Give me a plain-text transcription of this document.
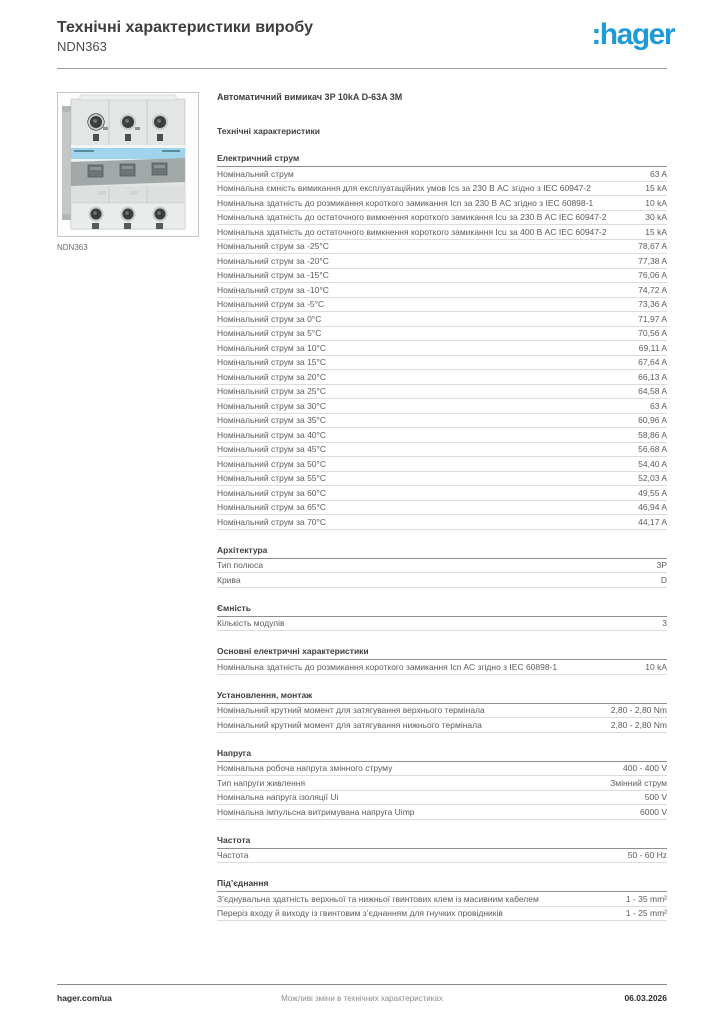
Технічні характеристики виробу
NDN363	:hager
NDN363
Автоматичний вимикач 3P 10kA D-63A 3M
Технічні характеристики
Електричний струм
Номінальний струм	63 A
Номінальна ємність вимикання для експлуатаційних умов Ics за 230 В AC згідно з IEC 60947-2	15 kA
Номінальна здатність до розмикання короткого замикання Icn за 230 В AC згідно з IEC 60898-1	10 kA
Номінальна здатність до остаточного вимкнення короткого замикання Icu за 230 В AC IEC 60947-2	30 kA
Номінальна здатність до остаточного вимкнення короткого замикання Icu за 400 В AC IEC 60947-2	15 kA
Номінальний струм за -25°C	78,67 A
Номінальний струм за -20°C	77,38 A
Номінальний струм за -15°C	76,06 A
Номінальний струм за -10°C	74,72 A
Номінальний струм за -5°C	73,36 A
Номінальний струм за 0°C	71,97 A
Номінальний струм за 5°C	70,56 A
Номінальний струм за 10°C	69,11 A
Номінальний струм за 15°C	67,64 A
Номінальний струм за 20°C	66,13 A
Номінальний струм за 25°C	64,58 A
Номінальний струм за 30°C	63 A
Номінальний струм за 35°C	60,96 A
Номінальний струм за 40°C	58,86 A
Номінальний струм за 45°C	56,68 A
Номінальний струм за 50°C	54,40 A
Номінальний струм за 55°C	52,03 A
Номінальний струм за 60°C	49,55 A
Номінальний струм за 65°C	46,94 A
Номінальний струм за 70°C	44,17 A
Архітектура
Тип полюса	3P
Крива	D
Ємність
Кількість модулів	3
Основні електричні характеристики
Номінальна здатність до розмикання короткого замикання Icn AC згідно з IEC 60898-1	10 kA
Установлення, монтаж
Номінальний крутний момент для затягування верхнього термінала	2,80 - 2,80 Nm
Номінальний крутний момент для затягування нижнього термінала	2,80 - 2,80 Nm
Напруга
Номінальна робоча напруга змінного струму	400 - 400 V
Тип напруги живлення	Змінний струм
Номінальна напруга ізоляції Ui	500 V
Номінальна імпульсна витримувана напруга Uimp	6000 V
Частота
Частота	50 - 60 Hz
Під’єднання
З’єднувальна здатність верхньої та нижньої гвинтових клем із масивним кабелем	1 - 35 mm²
Переріз входу й виходу із гвинтовим з’єднанням для гнучких провідників	1 - 25 mm²
hager.com/ua	Можливі зміни в технічних характеристиках	06.03.2026
